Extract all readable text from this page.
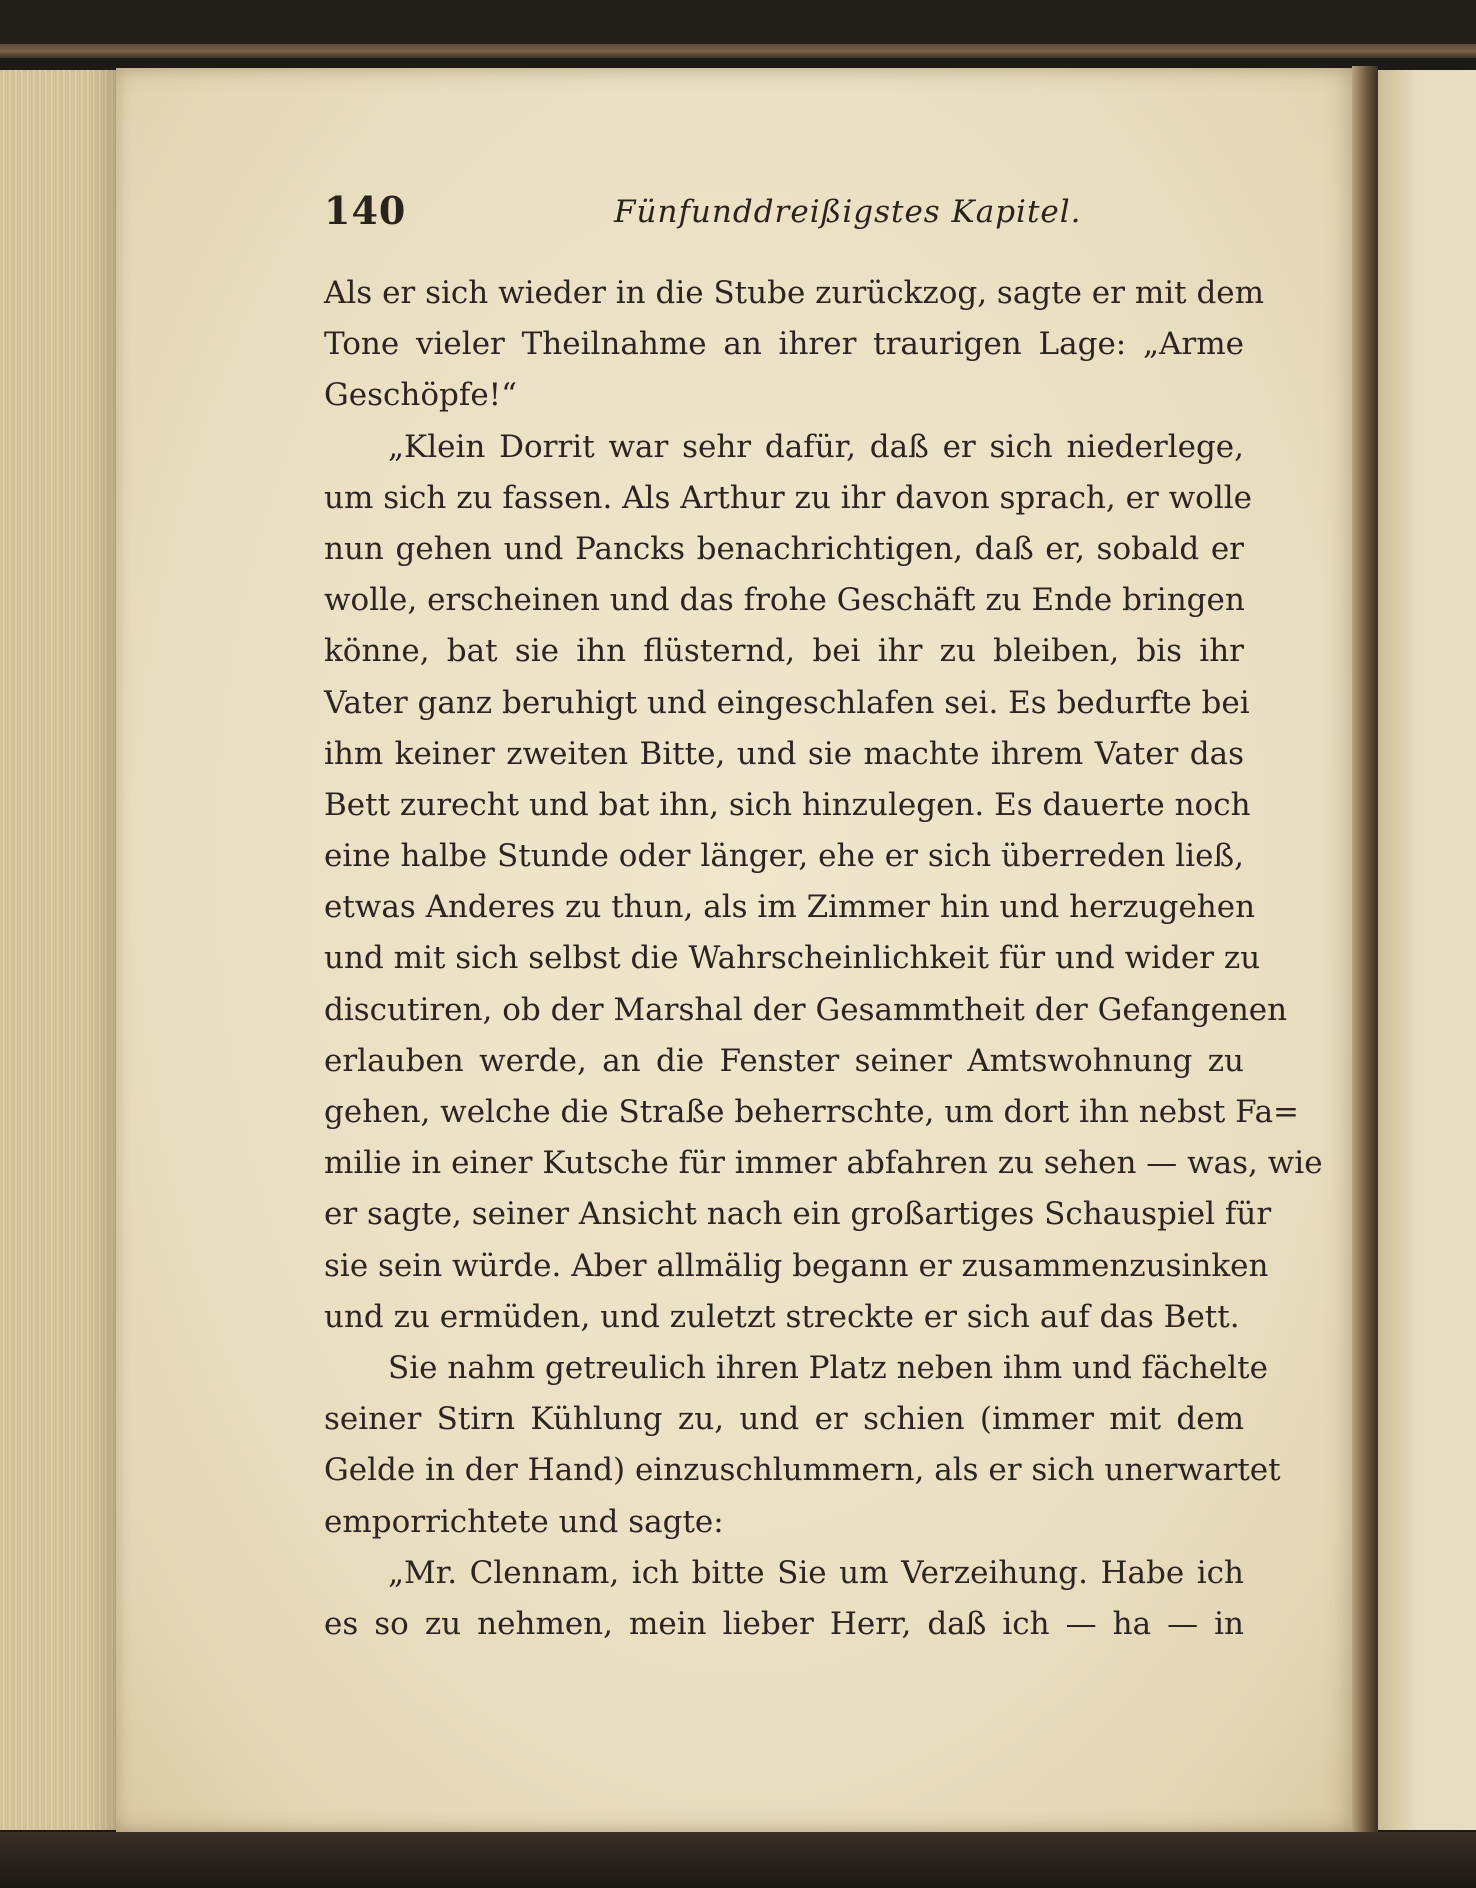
140	Fünfunddreißigstes Kapitel.
Als er sich wieder in die Stube zurückzog, sagte er mit dem
Tone vieler Theilnahme an ihrer traurigen Lage: „Arme
Geschöpfe!“
„Klein Dorrit war sehr dafür, daß er sich niederlege,
um sich zu fassen. Als Arthur zu ihr davon sprach, er wolle
nun gehen und Pancks benachrichtigen, daß er, sobald er
wolle, erscheinen und das frohe Geschäft zu Ende bringen
könne, bat sie ihn flüsternd, bei ihr zu bleiben, bis ihr
Vater ganz beruhigt und eingeschlafen sei. Es bedurfte bei
ihm keiner zweiten Bitte, und sie machte ihrem Vater das
Bett zurecht und bat ihn, sich hinzulegen. Es dauerte noch
eine halbe Stunde oder länger, ehe er sich überreden ließ,
etwas Anderes zu thun, als im Zimmer hin und herzugehen
und mit sich selbst die Wahrscheinlichkeit für und wider zu
discutiren, ob der Marshal der Gesammtheit der Gefangenen
erlauben werde, an die Fenster seiner Amtswohnung zu
gehen, welche die Straße beherrschte, um dort ihn nebst Fa=
milie in einer Kutsche für immer abfahren zu sehen — was, wie
er sagte, seiner Ansicht nach ein großartiges Schauspiel für
sie sein würde. Aber allmälig begann er zusammenzusinken
und zu ermüden, und zuletzt streckte er sich auf das Bett.
Sie nahm getreulich ihren Platz neben ihm und fächelte
seiner Stirn Kühlung zu, und er schien (immer mit dem
Gelde in der Hand) einzuschlummern, als er sich unerwartet
emporrichtete und sagte:
„Mr. Clennam, ich bitte Sie um Verzeihung. Habe ich
es so zu nehmen, mein lieber Herr, daß ich — ha — in
